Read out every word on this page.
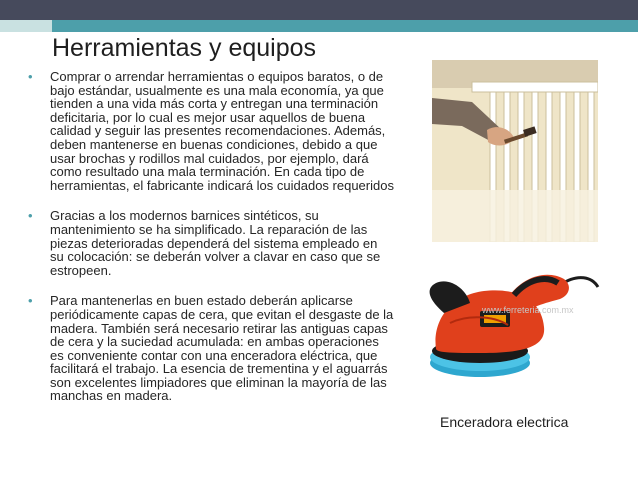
Herramientas y equipos
• Comprar o arrendar herramientas o equipos baratos, o de bajo estándar, usualmente es una mala economía, ya que tienden a una vida más corta y entregan una terminación deficitaria, por lo cual es mejor usar aquellos de buena calidad y seguir las presentes recomendaciones. Además, deben mantenerse en buenas condiciones, debido a que usar brochas y rodillos mal cuidados, por ejemplo, dará como resultado una mala terminación. En cada tipo de herramientas, el fabricante indicará los cuidados requeridos
• Gracias a los modernos barnices sintéticos, su mantenimiento se ha simplificado. La reparación de las piezas deterioradas dependerá del sistema empleado en su colocación: se deberán volver a clavar en caso que se estropeen.
• Para mantenerlas en buen estado deberán aplicarse periódicamente capas de cera, que evitan el desgaste de la madera. También será necesario retirar las antiguas capas de cera y la suciedad acumulada: en ambas operaciones es conveniente contar con una enceradora eléctrica, que facilitará el trabajo. La esencia de trementina y el aguarrás son excelentes limpiadores que eliminan la mayoría de las manchas en madera.
www.ferreteria.com.mx
Enceradora electrica
